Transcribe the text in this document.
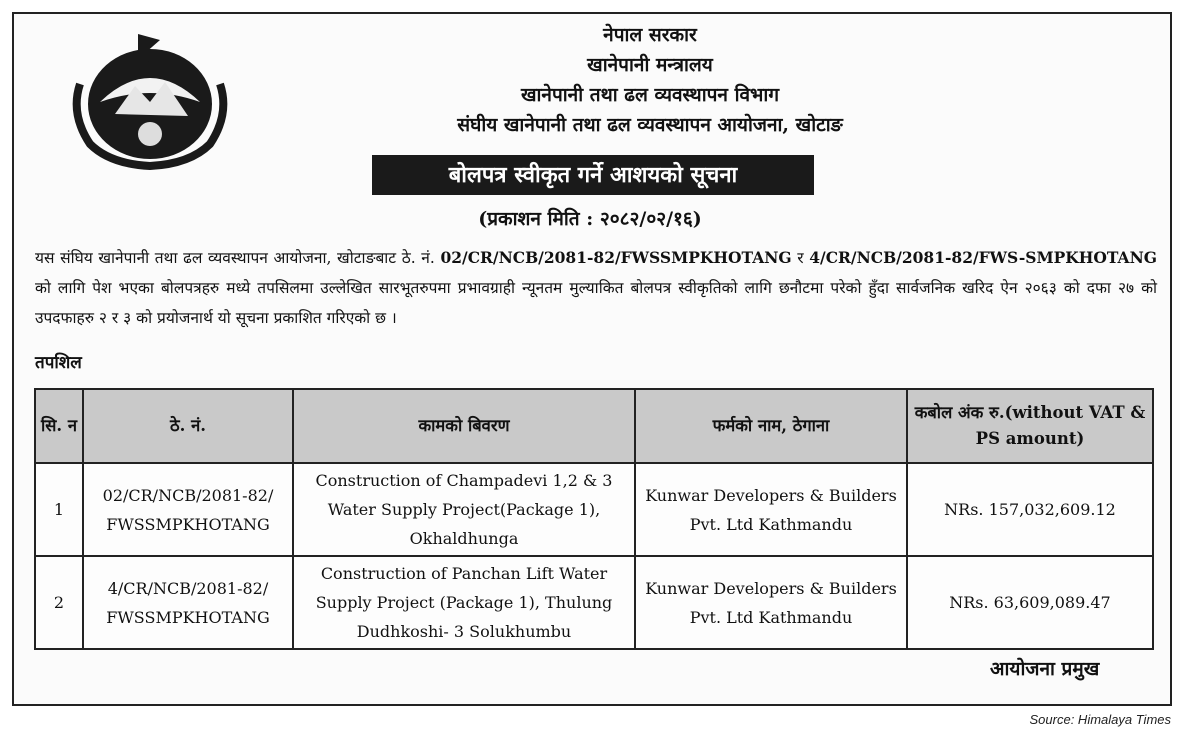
नेपाल सरकार
खानेपानी मन्त्रालय
खानेपानी तथा ढल व्यवस्थापन विभाग
संघीय खानेपानी तथा ढल व्यवस्थापन आयोजना, खोटाङ
बोलपत्र स्वीकृत गर्ने आशयको सूचना
(प्रकाशन मिति : २०८२/०२/१६)
यस संघिय खानेपानी तथा ढल व्यवस्थापन आयोजना, खोटाङबाट ठे. नं. 02/CR/NCB/2081-82/FWSSMPKHOTANG र 4/CR/NCB/2081-82/FWS-SMPKHOTANG को लागि पेश भएका बोलपत्रहरु मध्ये तपसिलमा उल्लेखित सारभूतरुपमा प्रभावग्राही न्यूनतम मुल्याकित बोलपत्र स्वीकृतिको लागि छनौटमा परेको हुँदा सार्वजनिक खरिद ऐन २०६३ को दफा २७ को उपदफाहरु २ र ३ को प्रयोजनार्थ यो सूचना प्रकाशित गरिएको छ ।
तपशिल
सि. न	ठे. नं.	कामको बिवरण	फर्मको नाम, ठेगाना	कबोल अंक रु.(without VAT & PS amount)
1	02/CR/NCB/2081-82/ FWSSMPKHOTANG	Construction of Champadevi 1,2 & 3 Water Supply Project(Package 1), Okhaldhunga	Kunwar Developers & Builders Pvt. Ltd Kathmandu	NRs. 157,032,609.12
2	4/CR/NCB/2081-82/ FWSSMPKHOTANG	Construction of Panchan Lift Water Supply Project (Package 1), Thulung Dudhkoshi- 3 Solukhumbu	Kunwar Developers & Builders Pvt. Ltd Kathmandu	NRs. 63,609,089.47
आयोजना प्रमुख
Source: Himalaya Times
